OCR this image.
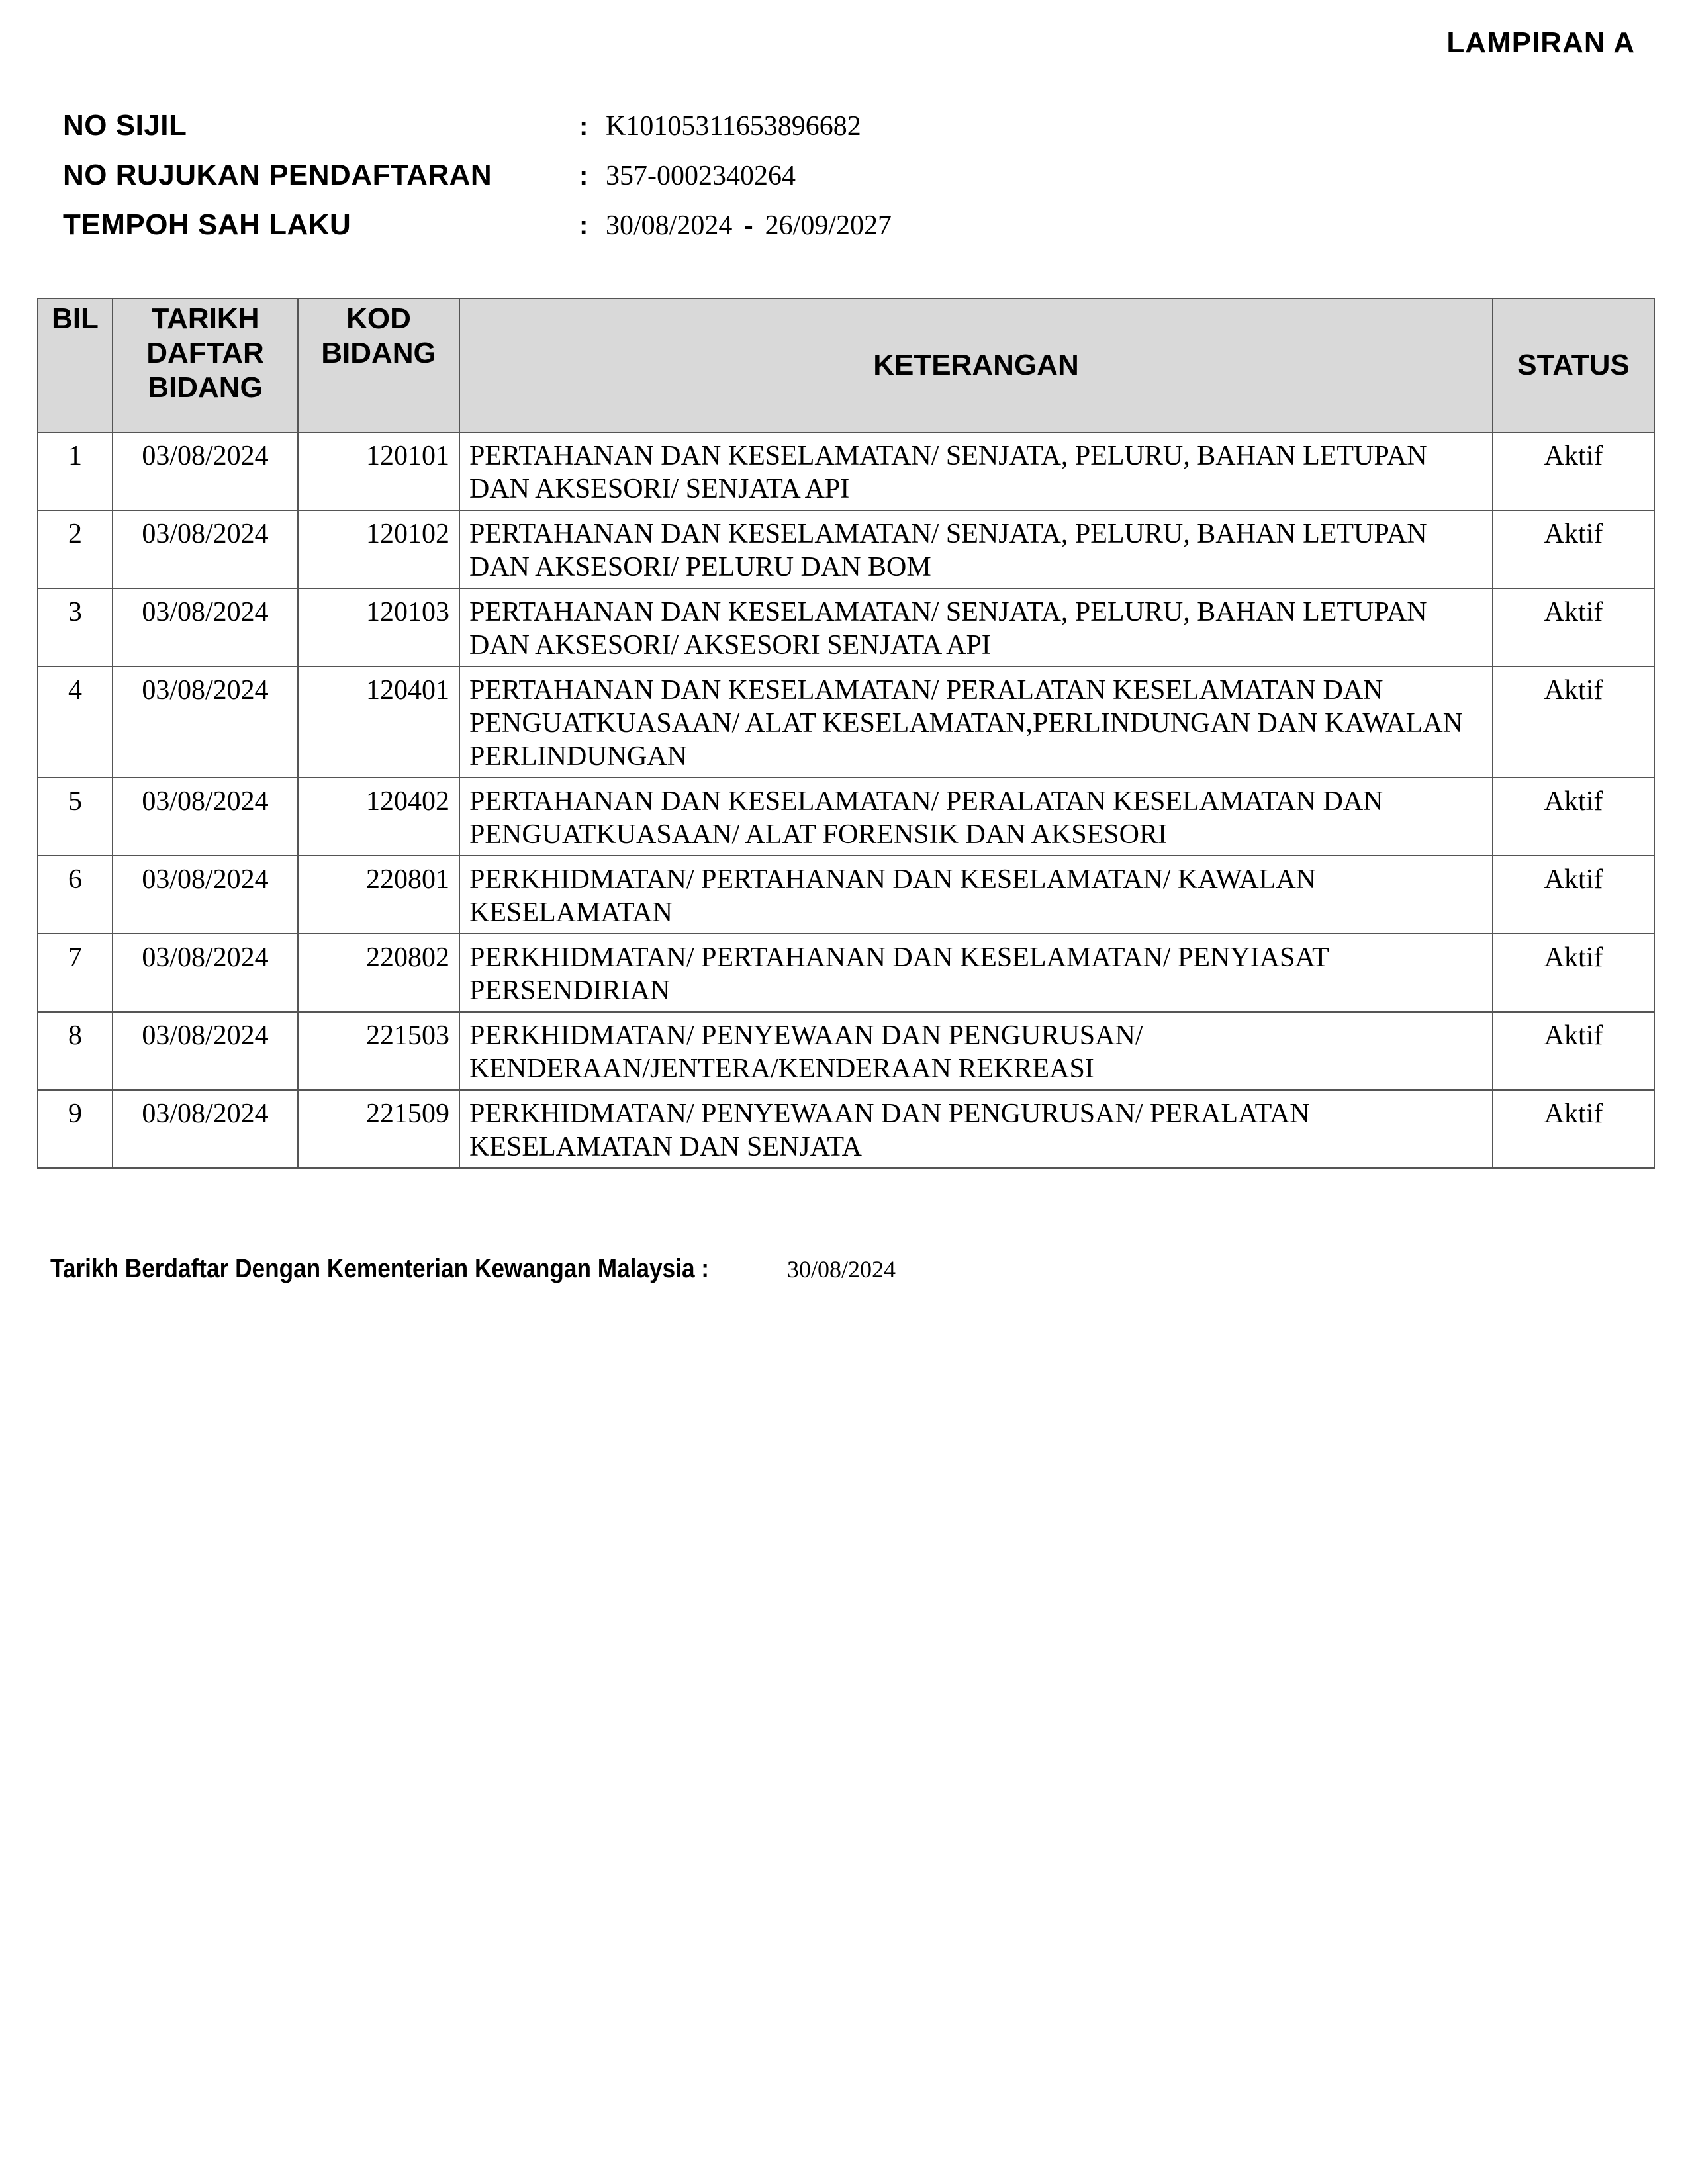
LAMPIRAN A
NO SIJIL	: K10105311653896682
NO RUJUKAN PENDAFTARAN	: 357-0002340264
TEMPOH SAH LAKU	: 30/08/2024 - 26/09/2027
BIL	TARIKH DAFTAR BIDANG	KOD BIDANG	KETERANGAN	STATUS
1	03/08/2024	120101	PERTAHANAN DAN KESELAMATAN/ SENJATA, PELURU, BAHAN LETUPAN DAN AKSESORI/ SENJATA API	Aktif
2	03/08/2024	120102	PERTAHANAN DAN KESELAMATAN/ SENJATA, PELURU, BAHAN LETUPAN DAN AKSESORI/ PELURU DAN BOM	Aktif
3	03/08/2024	120103	PERTAHANAN DAN KESELAMATAN/ SENJATA, PELURU, BAHAN LETUPAN DAN AKSESORI/ AKSESORI SENJATA API	Aktif
4	03/08/2024	120401	PERTAHANAN DAN KESELAMATAN/ PERALATAN KESELAMATAN DAN PENGUATKUASAAN/ ALAT KESELAMATAN,PERLINDUNGAN DAN KAWALAN PERLINDUNGAN	Aktif
5	03/08/2024	120402	PERTAHANAN DAN KESELAMATAN/ PERALATAN KESELAMATAN DAN PENGUATKUASAAN/ ALAT FORENSIK DAN AKSESORI	Aktif
6	03/08/2024	220801	PERKHIDMATAN/ PERTAHANAN DAN KESELAMATAN/ KAWALAN KESELAMATAN	Aktif
7	03/08/2024	220802	PERKHIDMATAN/ PERTAHANAN DAN KESELAMATAN/ PENYIASAT PERSENDIRIAN	Aktif
8	03/08/2024	221503	PERKHIDMATAN/ PENYEWAAN DAN PENGURUSAN/ KENDERAAN/JENTERA/KENDERAAN REKREASI	Aktif
9	03/08/2024	221509	PERKHIDMATAN/ PENYEWAAN DAN PENGURUSAN/ PERALATAN KESELAMATAN DAN SENJATA	Aktif
Tarikh Berdaftar Dengan Kementerian Kewangan Malaysia :	30/08/2024
